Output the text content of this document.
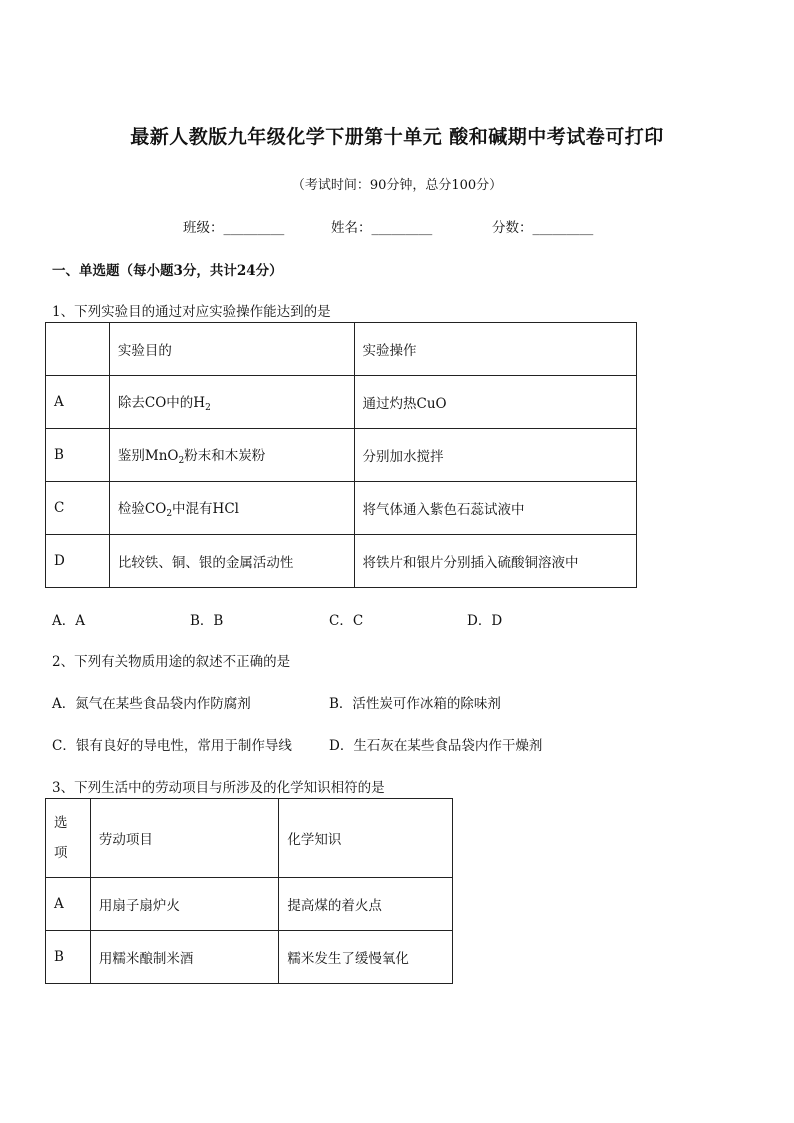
最新人教版九年级化学下册第十单元 酸和碱期中考试卷可打印
（考试时间：90分钟，总分100分）
班级：_________	姓名：_________	分数：_________
一、单选题（每小题3分，共计24分）
1、下列实验目的通过对应实验操作能达到的是
	实验目的	实验操作
A	除去CO中的$H_2$	通过灼热CuO
B	鉴别MnO$_2$粉末和木炭粉	分别加水搅拌
C	检验$CO_2$中混有HCl	将气体通入紫色石蕊试液中
D	比较铁、铜、银的金属活动性	将铁片和银片分别插入硫酸铜溶液中
A．A	B．B	C．C	D．D
2、下列有关物质用途的叙述不正确的是
A．氮气在某些食品袋内作防腐剂	B．活性炭可作冰箱的除味剂
C．银有良好的导电性，常用于制作导线	D．生石灰在某些食品袋内作干燥剂
3、下列生活中的劳动项目与所涉及的化学知识相符的是
选
项	劳动项目	化学知识
A	用扇子扇炉火	提高煤的着火点
B	用糯米酿制米酒	糯米发生了缓慢氧化
